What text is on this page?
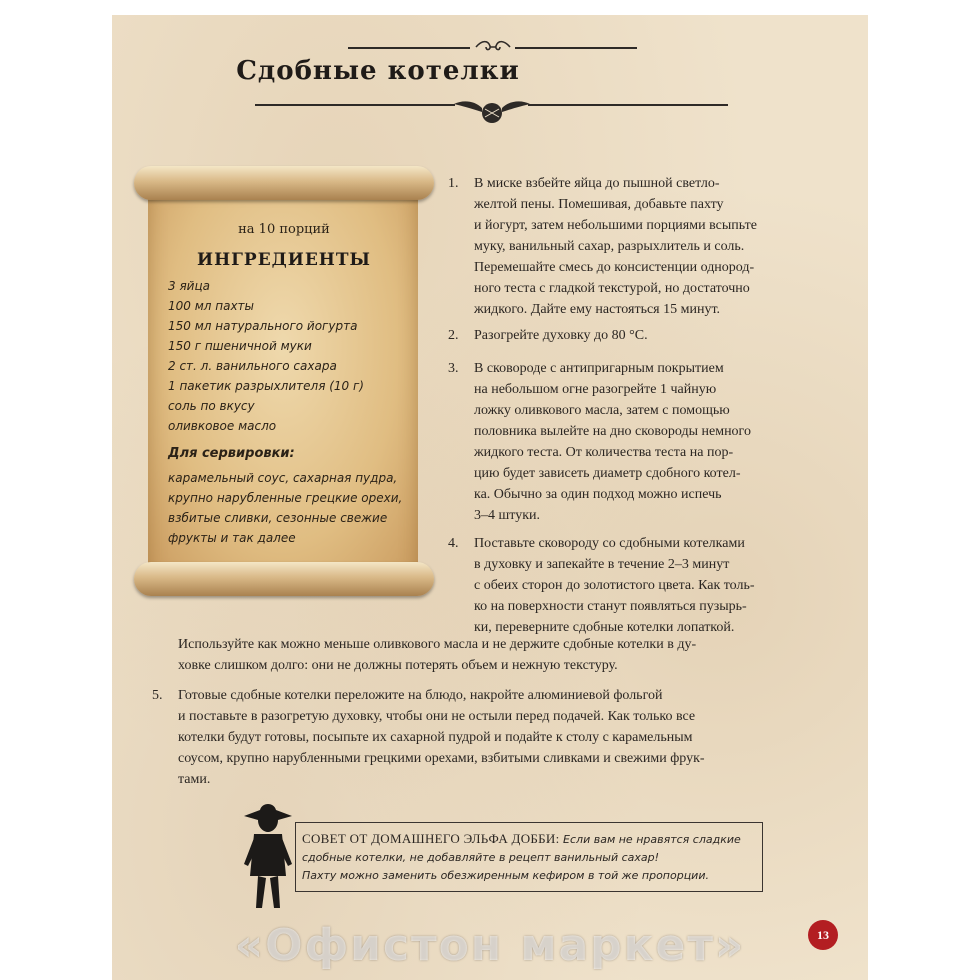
Сдобные котелки
на 10 порций
ИНГРЕДИЕНТЫ
3 яйца
100 мл пахты
150 мл натурального йогурта
150 г пшеничной муки
2 ст. л. ванильного сахара
1 пакетик разрыхлителя (10 г)
соль по вкусу
оливковое масло
Для сервировки:
карамельный соус, сахарная пудра,
крупно нарубленные грецкие орехи,
взбитые сливки, сезонные свежие
фрукты и так далее
1. В миске взбейте яйца до пышной светло-
желтой пены. Помешивая, добавьте пахту
и йогурт, затем небольшими порциями всыпьте
муку, ванильный сахар, разрыхлитель и соль.
Перемешайте смесь до консистенции однород-
ного теста с гладкой текстурой, но достаточно
жидкого. Дайте ему настояться 15 минут.
2. Разогрейте духовку до 80 °C.
3. В сковороде с антипригарным покрытием
на небольшом огне разогрейте 1 чайную
ложку оливкового масла, затем с помощью
половника вылейте на дно сковороды немного
жидкого теста. От количества теста на пор-
цию будет зависеть диаметр сдобного котел-
ка. Обычно за один подход можно испечь
3–4 штуки.
4. Поставьте сковороду со сдобными котелками
в духовку и запекайте в течение 2–3 минут
с обеих сторон до золотистого цвета. Как толь-
ко на поверхности станут появляться пузырь-
ки, переверните сдобные котелки лопаткой.
Используйте как можно меньше оливкового масла и не держите сдобные котелки в ду-
ховке слишком долго: они не должны потерять объем и нежную текстуру.
5. Готовые сдобные котелки переложите на блюдо, накройте алюминиевой фольгой
и поставьте в разогретую духовку, чтобы они не остыли перед подачей. Как только все
котелки будут готовы, посыпьте их сахарной пудрой и подайте к столу с карамельным
соусом, крупно нарубленными грецкими орехами, взбитыми сливками и свежими фрук-
тами.
СОВЕТ ОТ ДОМАШНЕГО ЭЛЬФА ДОББИ: Если вам не нравятся сладкие
сдобные котелки, не добавляйте в рецепт ванильный сахар!
Пахту можно заменить обезжиренным кефиром в той же пропорции.
13
«Офистон маркет»
